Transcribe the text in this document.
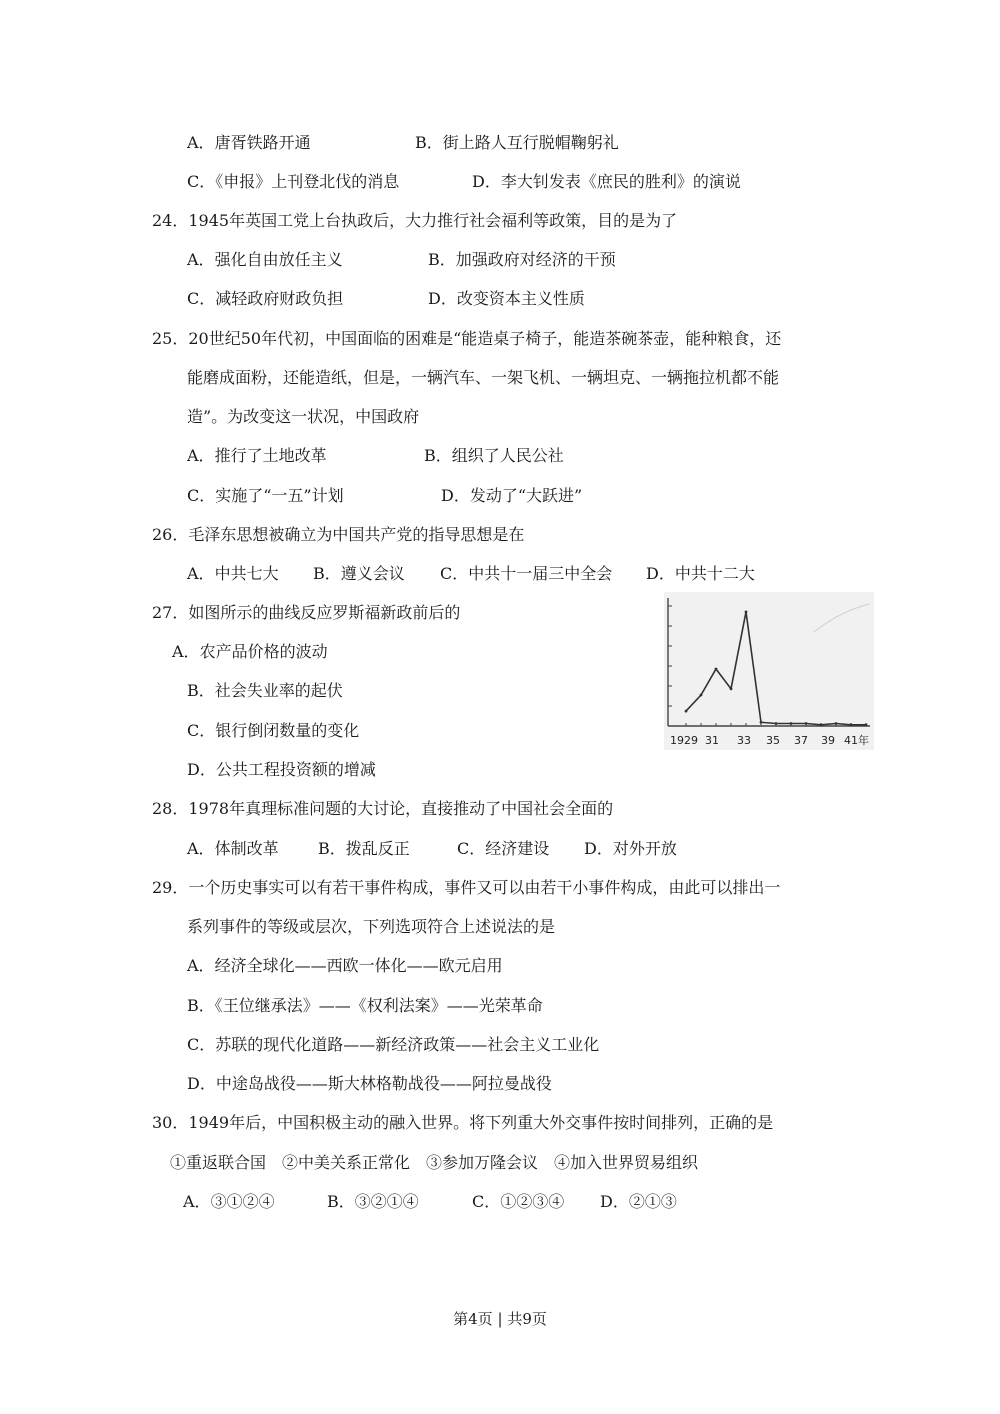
A．唐胥铁路开通	B．街上路人互行脱帽鞠躬礼
C．《申报》上刊登北伐的消息	D．李大钊发表《庶民的胜利》的演说
24．1945年英国工党上台执政后，大力推行社会福利等政策，目的是为了
A．强化自由放任主义	B．加强政府对经济的干预
C．减轻政府财政负担	D．改变资本主义性质
25．20世纪50年代初，中国面临的困难是“能造桌子椅子，能造茶碗茶壶，能种粮食，还
能磨成面粉，还能造纸，但是，一辆汽车、一架飞机、一辆坦克、一辆拖拉机都不能
造”。为改变这一状况，中国政府
A．推行了土地改革	B．组织了人民公社
C．实施了“一五”计划	D．发动了“大跃进”
26．毛泽东思想被确立为中国共产党的指导思想是在
A．中共七大 B．遵义会议 C．中共十一届三中全会 D．中共十二大
27．如图所示的曲线反应罗斯福新政前后的
A．农产品价格的波动
B．社会失业率的起伏
C．银行倒闭数量的变化
D．公共工程投资额的增减
1929 31 33 35 37 39 41年
28．1978年真理标准问题的大讨论，直接推动了中国社会全面的
A．体制改革 B．拨乱反正	C．经济建设 D．对外开放
29．一个历史事实可以有若干事件构成，事件又可以由若干小事件构成，由此可以排出一
系列事件的等级或层次，下列选项符合上述说法的是
A．经济全球化——西欧一体化——欧元启用
B．《王位继承法》——《权利法案》——光荣革命
C．苏联的现代化道路——新经济政策——社会主义工业化
D．中途岛战役——斯大林格勒战役——阿拉曼战役
30．1949年后，中国积极主动的融入世界。将下列重大外交事件按时间排列，正确的是
①重返联合国　②中美关系正常化　③参加万隆会议　④加入世界贸易组织
A．③①②④	B．③②①④	C．①②③④ D．②①③
第4页 | 共9页
